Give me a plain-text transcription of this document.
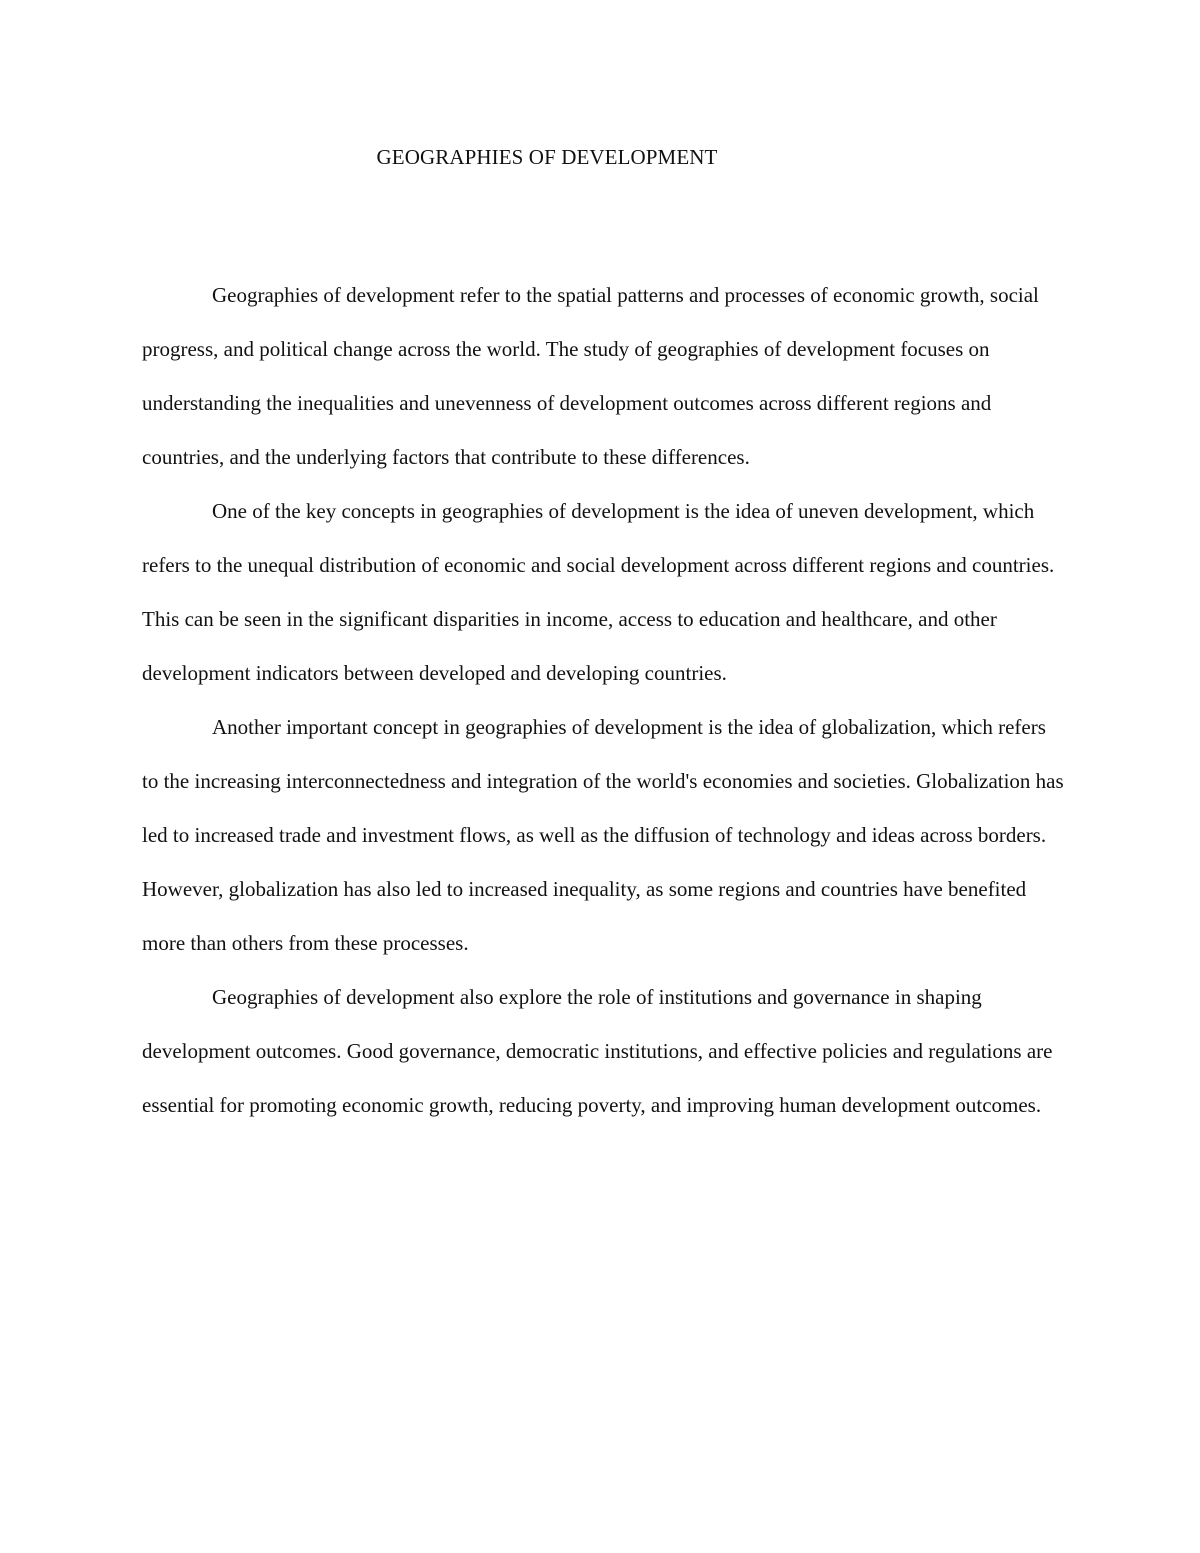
GEOGRAPHIES OF DEVELOPMENT

Geographies of development refer to the spatial patterns and processes of economic growth, social progress, and political change across the world. The study of geographies of development focuses on understanding the inequalities and unevenness of development outcomes across different regions and countries, and the underlying factors that contribute to these differences.

One of the key concepts in geographies of development is the idea of uneven development, which refers to the unequal distribution of economic and social development across different regions and countries. This can be seen in the significant disparities in income, access to education and healthcare, and other development indicators between developed and developing countries.

Another important concept in geographies of development is the idea of globalization, which refers to the increasing interconnectedness and integration of the world's economies and societies. Globalization has led to increased trade and investment flows, as well as the diffusion of technology and ideas across borders. However, globalization has also led to increased inequality, as some regions and countries have benefited more than others from these processes.

Geographies of development also explore the role of institutions and governance in shaping development outcomes. Good governance, democratic institutions, and effective policies and regulations are essential for promoting economic growth, reducing poverty, and improving human development outcomes.
